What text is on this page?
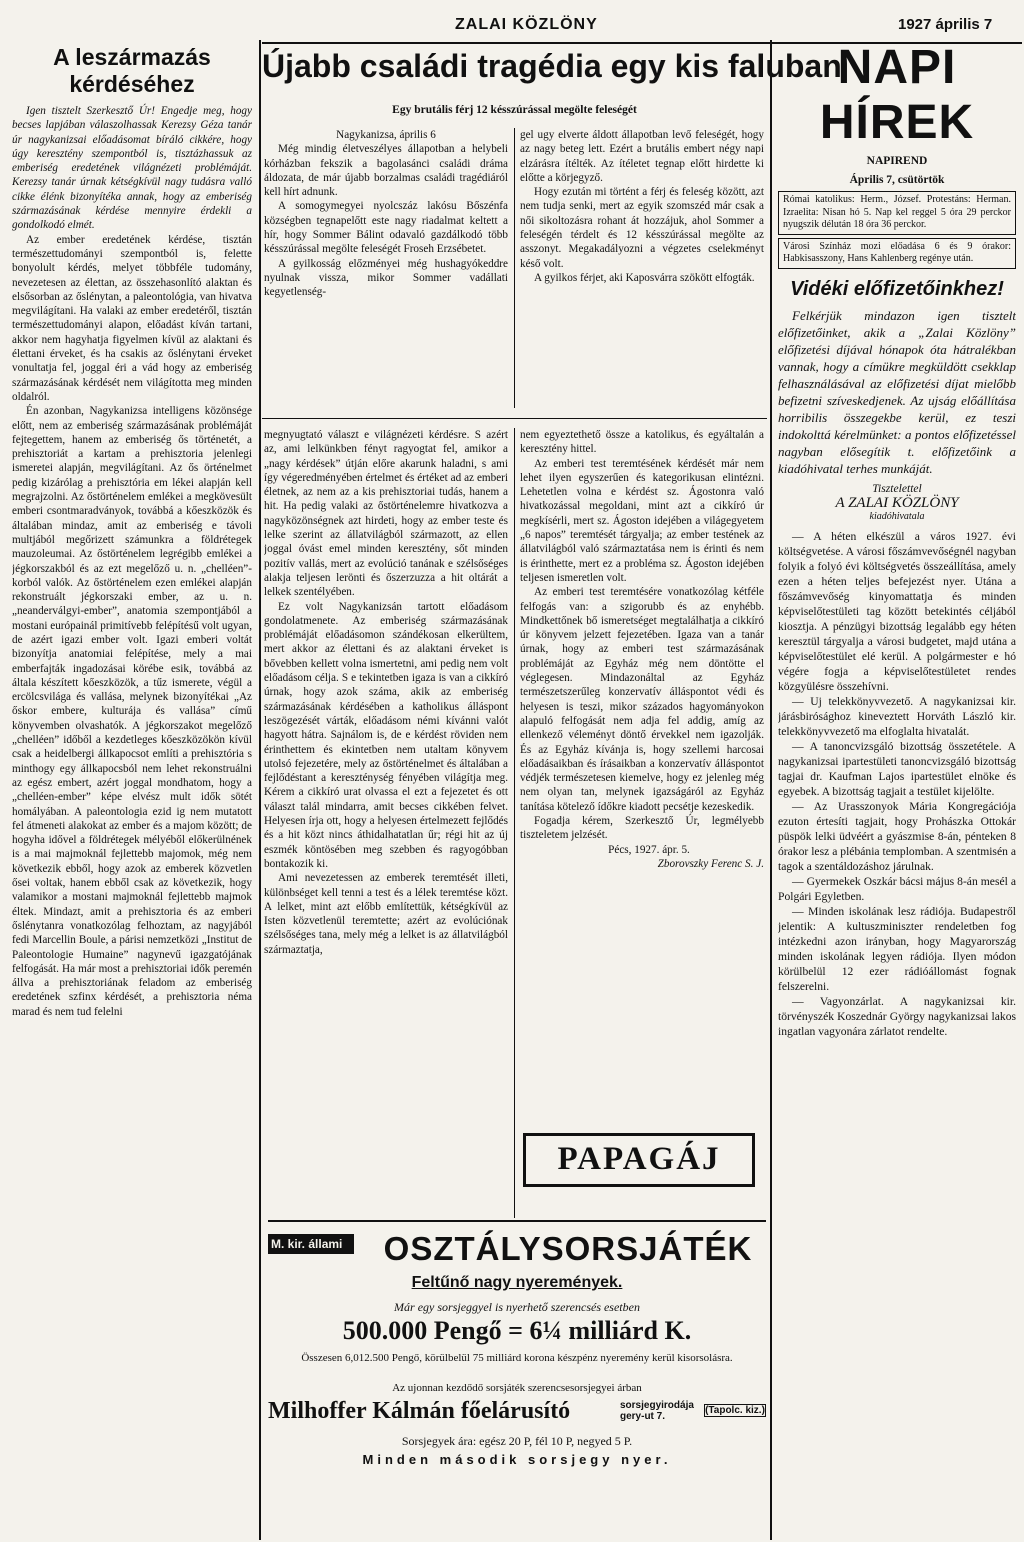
ZALAI KÖZLÖNY	1927 április 7
A leszármazás kérdéséhez

Igen tisztelt Szerkesztő Úr! Engedje meg, hogy becses lapjában válaszolhassak Kerezsy Géza tanár úr nagykanizsai előadásomat bíráló cikkére, hogy úgy keresztény szempontból is, tisztázhassuk az emberiség eredetének világnézeti problémáját. Kerezsy tanár úrnak kétségkívül nagy tudásra valló cikke élénk bizonyítéka annak, hogy az emberiség származásának kérdése mennyire érdekli a gondolkodó elmét.

Az ember eredetének kérdése, tisztán természettudományi szempontból is, felette bonyolult kérdés, melyet többféle tudomány, nevezetesen az élettan, az összehasonlító alaktan és elsősorban az őslénytan, a paleontológia, van hivatva megvilágítani. Ha valaki az ember eredetéről, tisztán természettudományi alapon, előadást kíván tartani, akkor nem hagyhatja figyelmen kívül az alaktani és élettani érveket, és ha csakis az őslénytani érveket vonultatja fel, joggal éri a vád hogy az emberiség származásának kérdését nem világította meg minden oldalról.

Én azonban, Nagykanizsa intelligens közönsége előtt, nem az emberiség származásának problémáját fejtegettem, hanem az emberiség ős történetét, a prehisztoriát a kartam a prehisztoria jelenlegi ismeretei alapján, megvilágítani. Az ős örténelmet pedig kizárólag a prehisztória em lékei alapján kell megrajzolni. Az őstörténelem emlékei a megkövesült emberi csontmaradványok, továbbá a kőeszközök és általában mindaz, amit az emberiség e távoli multjából megőrizett számunkra a földrétegek mauzoleumai. Az őstörténelem legrégibb emlékei a jégkorszakból és az ezt megelőző u. n. „chelléen”-korból valók. Az őstörténelem ezen emlékei alapján rekonstruált jégkorszaki ember, az u. n. „neanderválgyi-ember”, anatomia szempontjából a mostani európainál primitívebb felépítésű volt ugyan, de azért igazi ember volt. Igazi emberi voltát bizonyítja anatomiai felépítése, mely a mai emberfajták ingadozásai körébe esik, továbbá az általa készített kőeszközök, a tűz ismerete, végül a ercölcsvilága és vallása, melynek bizonyítékai „Az őskor embere, kulturája és vallása” című könyvemben olvashatók. A jégkorszakot megelőző „chelléen” időből a kezdetleges kőeszközökön kívül csak a heidelbergi állkapocsot említi a prehisztória s minthogy egy állkapocsból nem lehet rekonstruálni az egész embert, azért joggal mondhatom, hogy a „chelléen-ember” képe elvész mult idők sötét homályában. A paleontologia ezid ig nem mutatott fel átmeneti alakokat az ember és a majom között; de hogyha idővel a földrétegek mélyéből előkerülnének is a mai majmoknál fejlettebb majomok, még nem következik ebből, hogy azok az emberek közvetlen ősei voltak, hanem ebből csak az következik, hogy valamikor a mostani majmoknál fejlettebb majmok éltek. Mindazt, amit a prehisztoria és az emberi őslénytanra vonatkozólag felhoztam, az nagyjából fedi Marcellin Boule, a párisi nemzetközi „Institut de Paleontologie Humaine” nagynevű igazgatójának felfogását. Ha már most a prehisztoriai idők peremén állva a prehisztoriának feladom az emberiség eredetének szfinx kérdését, a prehisztoria néma marad és nem tud felelni

Újabb családi tragédia egy kis faluban
Egy brutális férj 12 késszúrással megölte feleségét

Nagykanizsa, április 6

Még mindig életveszélyes állapotban a helybeli kórházban fekszik a bagolasánci családi dráma áldozata, de már újabb borzalmas családi tragédiáról kell hírt adnunk.

A somogymegyei nyolcszáz lakósu Bőszénfa községben tegnapelőtt este nagy riadalmat keltett a hír, hogy Sommer Bálint odavaló gazdálkodó több késszúrással megölte feleségét Froseh Erzsébetet.

A gyilkosság előzményei még hushagyókeddre nyulnak vissza, mikor Sommer vadállati kegyetlenség-

gel ugy elverte áldott állapotban levő feleségét, hogy az nagy beteg lett. Ezért a brutális embert négy napi elzárásra ítélték. Az ítéletet tegnap előtt hirdette ki előtte a körjegyző.

Hogy ezután mi történt a férj és feleség között, azt nem tudja senki, mert az egyik szomszéd már csak a női sikoltozásra rohant át hozzájuk, ahol Sommer a feleségén térdelt és 12 késszúrással megölte az asszonyt. Megakadályozni a végzetes cselekményt késő volt.

A gyilkos férjet, aki Kaposvárra szökött elfogták.

megnyugtató választ e világnézeti kérdésre. S azért az, ami lelkünkben fényt ragyogtat fel, amikor a „nagy kérdések” útján előre akarunk haladni, s ami így végeredményében értelmet és értéket ad az emberi életnek, az nem az a kis prehisztoriai tudás, hanem a hit. Ha pedig valaki az őstörténelemre hivatkozva a nagyközönségnek azt hirdeti, hogy az ember teste és lelke szerint az állatvilágból származott, az ellen joggal óvást emel minden keresztény, sőt minden pozitív vallás, mert az evolúció tanának e szélsőséges alakja teljesen lerönti és őszerzuzza a hit oltárát a lelkek szentélyében.

Ez volt Nagykanizsán tartott előadásom gondolatmenete. Az emberiség származásának problémáját előadásomon szándékosan elkerültem, mert akkor az élettani és az alaktani érveket is bővebben kellett volna ismertetni, ami pedig nem volt előadásom célja. S e tekintetben igaza is van a cikkíró úrnak, hogy azok száma, akik az emberiség származásának kérdésében a katholikus álláspont leszögezését várták, előadásom némi kívánni valót hagyott hátra. Sajnálom is, de e kérdést röviden nem érinthettem és ekintetben nem utaltam könyvem utolsó fejezetére, mely az őstörténelmet és általában a fejlődéstant a kereszténység fényében világítja meg. Kérem a cikkíró urat olvassa el ezt a fejezetet és ott választ talál mindarra, amit becses cikkében felvet. Helyesen írja ott, hogy a helyesen értelmezett fejlődés és a hit közt nincs áthidalhatatlan űr; régi hit az új eszmék köntösében meg szebben és ragyogóbban bontakozik ki.

Ami nevezetessen az emberek teremtését illeti, különbséget kell tenni a test és a lélek teremtése közt. A lelket, mint azt előbb említettük, kétségkívül az Isten közvetlenül teremtette; azért az evolúciónak szélsőséges tana, mely még a lelket is az állatvilágból származtatja,

nem egyeztethető össze a katolikus, és egyáltalán a keresztény hittel.

Az emberi test teremtésének kérdését már nem lehet ilyen egyszerűen és kategorikusan elintézni. Lehetetlen volna e kérdést sz. Ágostonra való hivatkozással megoldani, mint azt a cikkíró úr megkísérli, mert sz. Ágoston idejében a világegyetem „6 napos” teremtését tárgyalja; az ember testének az állatvilágból való származtatása nem is érinti és nem is érinthette, mert ez a probléma sz. Ágoston idejében teljesen ismeretlen volt.

Az emberi test teremtésére vonatkozólag kétféle felfogás van: a szigorubb és az enyhébb. Mindkettőnek bő ismeretséget megtalálhatja a cikkíró úr könyvem jelzett fejezetében. Igaza van a tanár úrnak, hogy az emberi test származásának problémáját az Egyház még nem döntötte el véglegesen. Mindazonáltal az Egyház természetszerűleg konzervatív álláspontot védi és helyesen is teszi, mikor százados hagyományokon alapuló felfogását nem adja fel addig, amíg az ellenkező véleményt döntő érvekkel nem igazolják. És az Egyház kívánja is, hogy szellemi harcosai előadásaikban és írásaikban a konzervatív álláspontot védjék természetesen kiemelve, hogy ez jelenleg még nem olyan tan, melynek igazságáról az Egyház tanítása kötelező ídőkre kiadott pecsétje kezeskedik.

Fogadja kérem, Szerkesztő Úr, legmélyebb tiszteletem jelzését.

Pécs, 1927. ápr. 5.

Zborovszky Ferenc S. J.

PAPAGÁJ
M. kir. állami	OSZTÁLYSORSJÁTÉK
Feltűnő nagy nyeremények.
Már egy sorsjeggyel is nyerhető szerencsés esetben
500.000 Pengő = 6¼ milliárd K.
Összesen 6,012.500 Pengő, körülbelül 75 milliárd korona készpénz nyeremény kerül kisorsolásra.
Az ujonnan kezdődő sorsjáték szerencsesorsjegyei árban
Milhoffer Kálmán főelárusító	sorsjegyirodája gery-ut 7.
(Tapolc. kiz.)
Sorsjegyek ára: egész 20 P, fél 10 P, negyed 5 P.
Minden második sorsjegy nyer.
NAPI HÍREK
NAPIREND
Április 7, csütörtök
Római katolikus: Herm., József. Protestáns: Herman. Izraelita: Nisan hó 5. Nap kel reggel 5 óra 29 perckor nyugszik délután 18 óra 36 perckor.
Városi Színház mozi előadása 6 és 9 órakor: Habkisasszony, Hans Kahlenberg regénye után.
Vidéki előfizetőinkhez!

Felkérjük mindazon igen tisztelt előfizetőinket, akik a „Zalai Közlöny” előfizetési díjával hónapok óta hátralékban vannak, hogy a címükre megküldött csekklap felhasználásával az előfizetési díjat mielőbb befizetni szíveskedjenek. Az ujság előállítása horribilis összegekbe kerül, ez teszi indokolttá kérelmünket: a pontos előfizetéssel nagyban elősegítik t. előfizetőink a kiadóhivatal terhes munkáját.

Tisztelettel
A ZALAI KÖZLÖNY
kiadóhivatala

— A héten elkészül a város 1927. évi költségvetése. A városi főszámvevőségnél nagyban folyik a folyó évi költségvetés összeállítása, amely ezen a héten teljes befejezést nyer. Utána a főszámvevőség kinyomattatja és minden képviselőtestületi tag között betekintés céljából kiosztja. A pénzügyi bizottság legalább egy héten keresztül tárgyalja a városi budgetet, majd utána a képviselőtestület elé kerül. A polgármester e hó végére fogja a képviselőtestületet rendes közgyülésre összehívni.

— Uj telekkönyvvezető. A nagykanizsai kir. járásbirósághoz kineveztett Horváth László kir. telekkönyvvezető ma elfoglalta hivatalát.

— A tanoncvizsgáló bizottság összetétele. A nagykanizsai ipartestületi tanoncvizsgáló bizottság tagjai dr. Kaufman Lajos ipartestület elnöke és egyebek. A bizottság tagjait a testület kijelölte.

— Az Urasszonyok Mária Kongregációja ezuton értesíti tagjait, hogy Prohászka Ottokár püspök lelki üdvéért a gyászmise 8-án, pénteken 8 órakor lesz a plébánia templomban. A szentmisén a tagok a szentáldozáshoz járulnak.

— Gyermekek Oszkár bácsi május 8-án mesél a Polgári Egyletben.

— Minden iskolának lesz rádiója. Budapestről jelentik: A kultuszminiszter rendeletben fog intézkedni azon irányban, hogy Magyarország minden iskolának legyen rádiója. Ilyen módon körülbelül 12 ezer rádióállomást fognak felszerelni.

— Vagyonzárlat. A nagykanizsai kir. törvényszék Koszednár György nagykanizsai lakos ingatlan vagyonára zárlatot rendelte.
